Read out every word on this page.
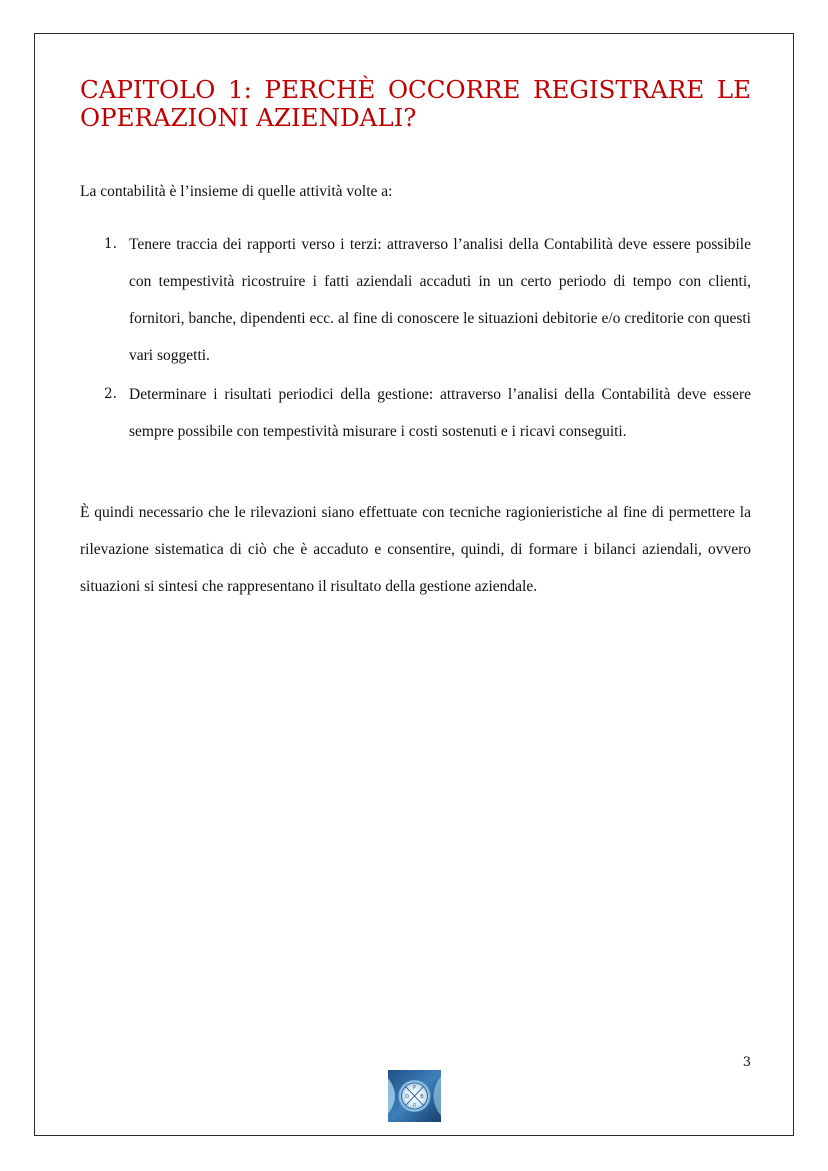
CAPITOLO 1: PERCHÈ OCCORRE REGISTRARE LE OPERAZIONI AZIENDALI?

La contabilità è l’insieme di quelle attività volte a:

1. Tenere traccia dei rapporti verso i terzi: attraverso l’analisi della Contabilità deve essere possibile con tempestività ricostruire i fatti aziendali accaduti in un certo periodo di tempo con clienti, fornitori, banche, dipendenti ecc. al fine di conoscere le situazioni debitorie e/o creditorie con questi vari soggetti.
2. Determinare i risultati periodici della gestione: attraverso l’analisi della Contabilità deve essere sempre possibile con tempestività misurare i costi sostenuti e i ricavi conseguiti.

È quindi necessario che le rilevazioni siano effettuate con tecniche ragionieristiche al fine di permettere la rilevazione sistematica di ciò che è accaduto e consentire, quindi, di formare i bilanci aziendali, ovvero situazioni si sintesi che rappresentano il risultato della gestione aziendale.

3
P
D B
IT
